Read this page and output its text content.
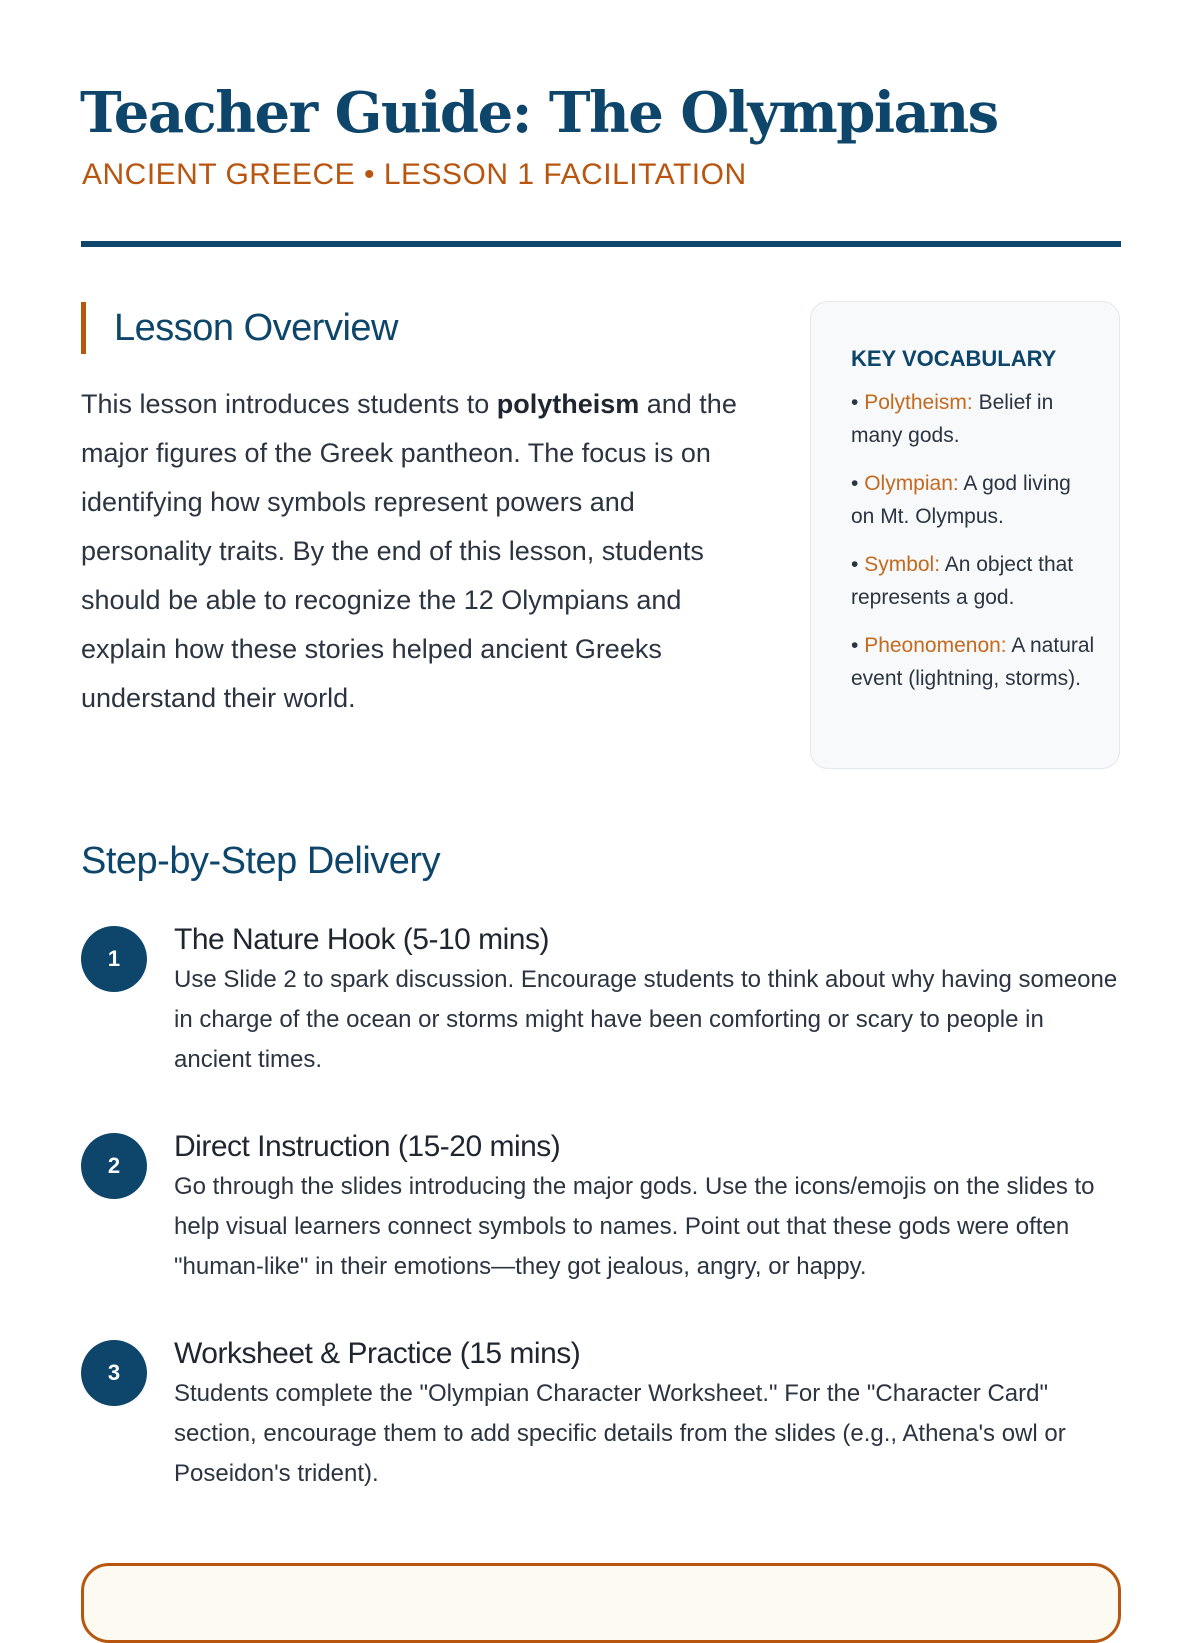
Teacher Guide: The Olympians
ANCIENT GREECE • LESSON 1 FACILITATION
Lesson Overview

This lesson introduces students to polytheism and the major figures of the Greek pantheon. The focus is on identifying how symbols represent powers and personality traits. By the end of this lesson, students should be able to recognize the 12 Olympians and explain how these stories helped ancient Greeks understand their world.

KEY VOCABULARY
• Polytheism: Belief in many gods.
• Olympian: A god living on Mt. Olympus.
• Symbol: An object that represents a god.
• Pheonomenon: A natural event (lightning, storms).
Step-by-Step Delivery
1
The Nature Hook (5-10 mins)
Use Slide 2 to spark discussion. Encourage students to think about why having someone in charge of the ocean or storms might have been comforting or scary to people in ancient times.
2
Direct Instruction (15-20 mins)
Go through the slides introducing the major gods. Use the icons/emojis on the slides to help visual learners connect symbols to names. Point out that these gods were often "human-like" in their emotions—they got jealous, angry, or happy.
3
Worksheet & Practice (15 mins)
Students complete the "Olympian Character Worksheet." For the "Character Card" section, encourage them to add specific details from the slides (e.g., Athena's owl or Poseidon's trident).
